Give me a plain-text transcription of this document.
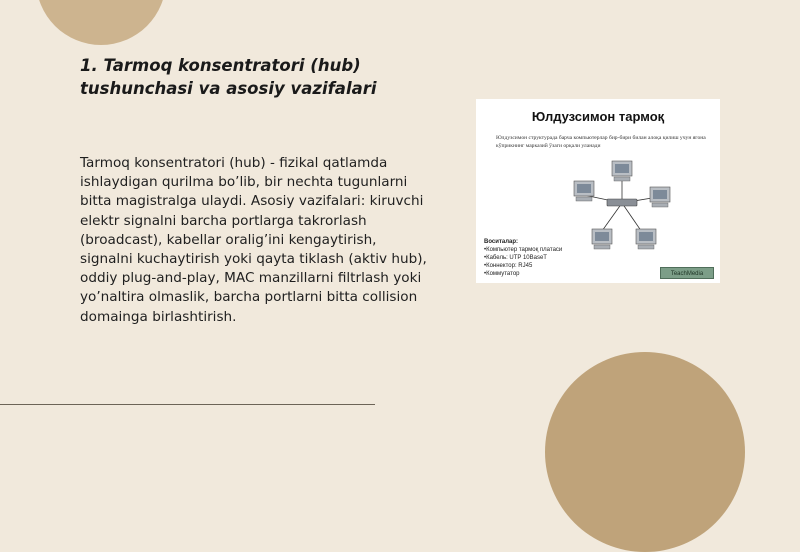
1. Tarmoq konsentratori (hub) tushunchasi va asosiy vazifalari

Tarmoq konsentratori (hub) - fizikal qatlamda ishlaydigan qurilma bo’lib, bir nechta tugunlarni bitta magistralga ulaydi. Asosiy vazifalari: kiruvchi elektr signalni barcha portlarga takrorlash (broadcast), kabellar oralig’ini kengaytirish, signalni kuchaytirish yoki qayta tiklash (aktiv hub), oddiy plug-and-play, MAC manzillarni filtrlash yoki yo’naltira olmaslik, barcha portlarni bitta collision domainga birlashtirish.

Юлдузсимон тармоқ

Юлдузсимон структурада барча компьютерлар бир-бири билан алоқа қилиш учун ягона кўприкнинг марказий ўзаги орқали уланади

Воситалар:
•Компьютер тармоқ платаси
•Кабель: UTP 10BaseT
•Коннектор: RJ45
•Коммутатор	TeachMedia
